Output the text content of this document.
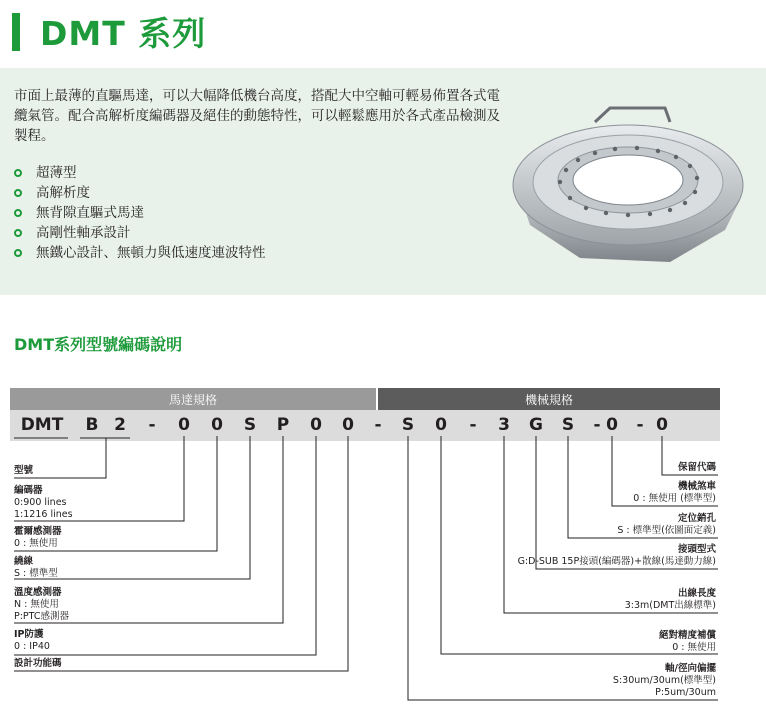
DMT 系列
市面上最薄的直驅馬達，可以大幅降低機台高度，搭配大中空軸可輕易佈置各式電纜氣管。配合高解析度編碼器及絕佳的動態特性，可以輕鬆應用於各式產品檢測及製程。
超薄型
高解析度
無背隙直驅式馬達
高剛性軸承設計
無鐵心設計、無頓力與低速度連波特性
DMT系列型號編碼說明
馬達規格	機械規格
DMT	B 2	-	0	0	S	P	0	0	-	S	0	-	3	G	S	- 0	- 0
型號
編碼器
0:900 lines
1:1216 lines
霍爾感測器
0 : 無使用
繞線
S : 標準型
溫度感測器
N : 無使用
P:PTC感測器
IP防護
0 : IP40
設計功能碼
保留代碼
機械煞車
0 : 無使用 (標準型)
定位銷孔
S : 標準型(依圖面定義)
接頭型式
G:D-SUB 15P接頭(編碼器)+散線(馬達動力線)
出線長度
3:3m(DMT出線標準)
絕對精度補償
0 : 無使用
軸/徑向偏擺
S:30um/30um(標準型)
P:5um/30um
